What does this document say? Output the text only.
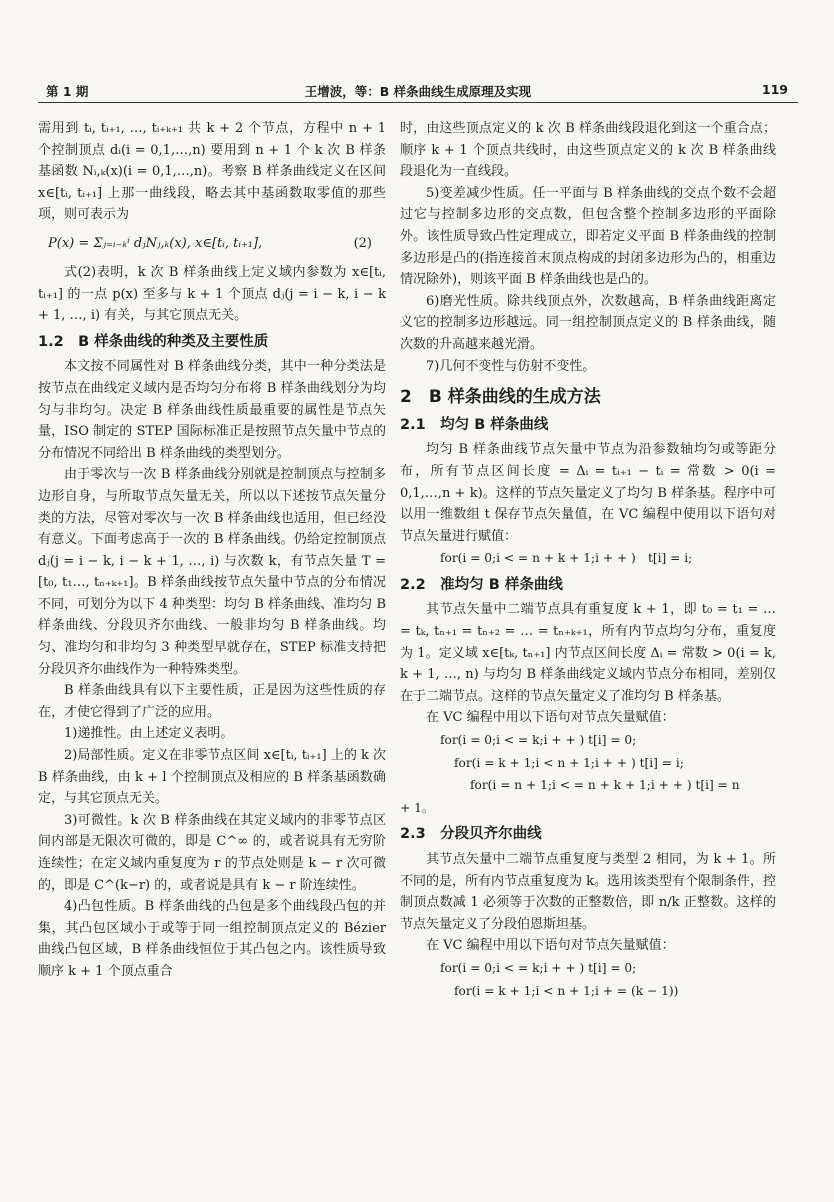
第 1 期	王增波，等：B 样条曲线生成原理及实现	119

需用到 tᵢ, tᵢ₊₁, …, tᵢ₊ₖ₊₁ 共 k + 2 个节点，方程中 n + 1 个控制顶点 dᵢ(i = 0,1,…,n) 要用到 n + 1 个 k 次 B 样条基函数 Nᵢ,ₖ(x)(i = 0,1,…,n)。考察 B 样条曲线定义在区间 x∈[tᵢ, tᵢ₊₁] 上那一曲线段，略去其中基函数取零值的那些项，则可表示为

P(x) = Σⱼ₌ᵢ₋ₖⁱ dⱼNⱼ,ₖ(x), x∈[tᵢ, tᵢ₊₁],	(2)

式(2)表明，k 次 B 样条曲线上定义域内参数为 x∈[tᵢ, tᵢ₊₁] 的一点 p(x) 至多与 k + 1 个顶点 dⱼ(j = i − k, i − k + 1, …, i) 有关，与其它顶点无关。

1.2　B 样条曲线的种类及主要性质

本文按不同属性对 B 样条曲线分类，其中一种分类法是按节点在曲线定义域内是否均匀分布将 B 样条曲线划分为均匀与非均匀。决定 B 样条曲线性质最重要的属性是节点矢量，ISO 制定的 STEP 国际标准正是按照节点矢量中节点的分布情况不同给出 B 样条曲线的类型划分。

由于零次与一次 B 样条曲线分别就是控制顶点与控制多边形自身，与所取节点矢量无关，所以以下述按节点矢量分类的方法，尽管对零次与一次 B 样条曲线也适用，但已经没有意义。下面考虑高于一次的 B 样条曲线。仍给定控制顶点 dⱼ(j = i − k, i − k + 1, …, i) 与次数 k，有节点矢量 T = [t₀, t₁…, tₙ₊ₖ₊₁]。B 样条曲线按节点矢量中节点的分布情况不同，可划分为以下 4 种类型：均匀 B 样条曲线、准均匀 B 样条曲线、分段贝齐尔曲线、一般非均匀 B 样条曲线。均匀、准均匀和非均匀 3 种类型早就存在，STEP 标准支持把分段贝齐尔曲线作为一种特殊类型。

B 样条曲线具有以下主要性质，正是因为这些性质的存在，才使它得到了广泛的应用。

1)递推性。由上述定义表明。

2)局部性质。定义在非零节点区间 x∈[tᵢ, tᵢ₊₁] 上的 k 次 B 样条曲线，由 k + l 个控制顶点及相应的 B 样条基函数确定，与其它顶点无关。

3)可微性。k 次 B 样条曲线在其定义域内的非零节点区间内部是无限次可微的，即是 C^∞ 的，或者说具有无穷阶连续性；在定义域内重复度为 r 的节点处则是 k − r 次可微的，即是 C^(k−r) 的，或者说是具有 k − r 阶连续性。

4)凸包性质。B 样条曲线的凸包是多个曲线段凸包的并集，其凸包区域小于或等于同一组控制顶点定义的 Bézier 曲线凸包区域，B 样条曲线恒位于其凸包之内。该性质导致顺序 k + 1 个顶点重合

时，由这些顶点定义的 k 次 B 样条曲线段退化到这一个重合点；顺序 k + 1 个顶点共线时，由这些顶点定义的 k 次 B 样条曲线段退化为一直线段。

5)变差减少性质。任一平面与 B 样条曲线的交点个数不会超过它与控制多边形的交点数，但包含整个控制多边形的平面除外。该性质导致凸性定理成立，即若定义平面 B 样条曲线的控制多边形是凸的(指连接首末顶点构成的封闭多边形为凸的，相重边情况除外)，则该平面 B 样条曲线也是凸的。

6)磨光性质。除共线顶点外，次数越高，B 样条曲线距离定义它的控制多边形越远。同一组控制顶点定义的 B 样条曲线，随次数的升高越来越光滑。

7)几何不变性与仿射不变性。

2　B 样条曲线的生成方法
2.1　均匀 B 样条曲线

均匀 B 样条曲线节点矢量中节点为沿参数轴均匀或等距分布，所有节点区间长度 = Δᵢ = tᵢ₊₁ − tᵢ = 常数 > 0(i = 0,1,…,n + k)。这样的节点矢量定义了均匀 B 样条基。程序中可以用一维数组 t 保存节点矢量值，在 VC 编程中使用以下语句对节点矢量进行赋值：

for(i = 0;i < = n + k + 1;i + + )　t[i] = i;
2.2　准均匀 B 样条曲线

其节点矢量中二端节点具有重复度 k + 1，即 t₀ = t₁ = … = tₖ, tₙ₊₁ = tₙ₊₂ = … = tₙ₊ₖ₊₁，所有内节点均匀分布，重复度为 1。定义域 x∈[tₖ, tₙ₊₁] 内节点区间长度 Δᵢ = 常数 > 0(i = k, k + 1, …, n) 与均匀 B 样条曲线定义域内节点分布相同，差别仅在于二端节点。这样的节点矢量定义了准均匀 B 样条基。

在 VC 编程中用以下语句对节点矢量赋值：

for(i = 0;i < = k;i + + ) t[i] = 0;
for(i = k + 1;i < n + 1;i + + ) t[i] = i;
for(i = n + 1;i < = n + k + 1;i + + ) t[i] = n
+ 1。
2.3　分段贝齐尔曲线

其节点矢量中二端节点重复度与类型 2 相同，为 k + 1。所不同的是，所有内节点重复度为 k。选用该类型有个限制条件，控制顶点数减 1 必须等于次数的正整数倍，即 n/k 正整数。这样的节点矢量定义了分段伯恩斯坦基。

在 VC 编程中用以下语句对节点矢量赋值：

for(i = 0;i < = k;i + + ) t[i] = 0;
for(i = k + 1;i < n + 1;i + = (k − 1))
